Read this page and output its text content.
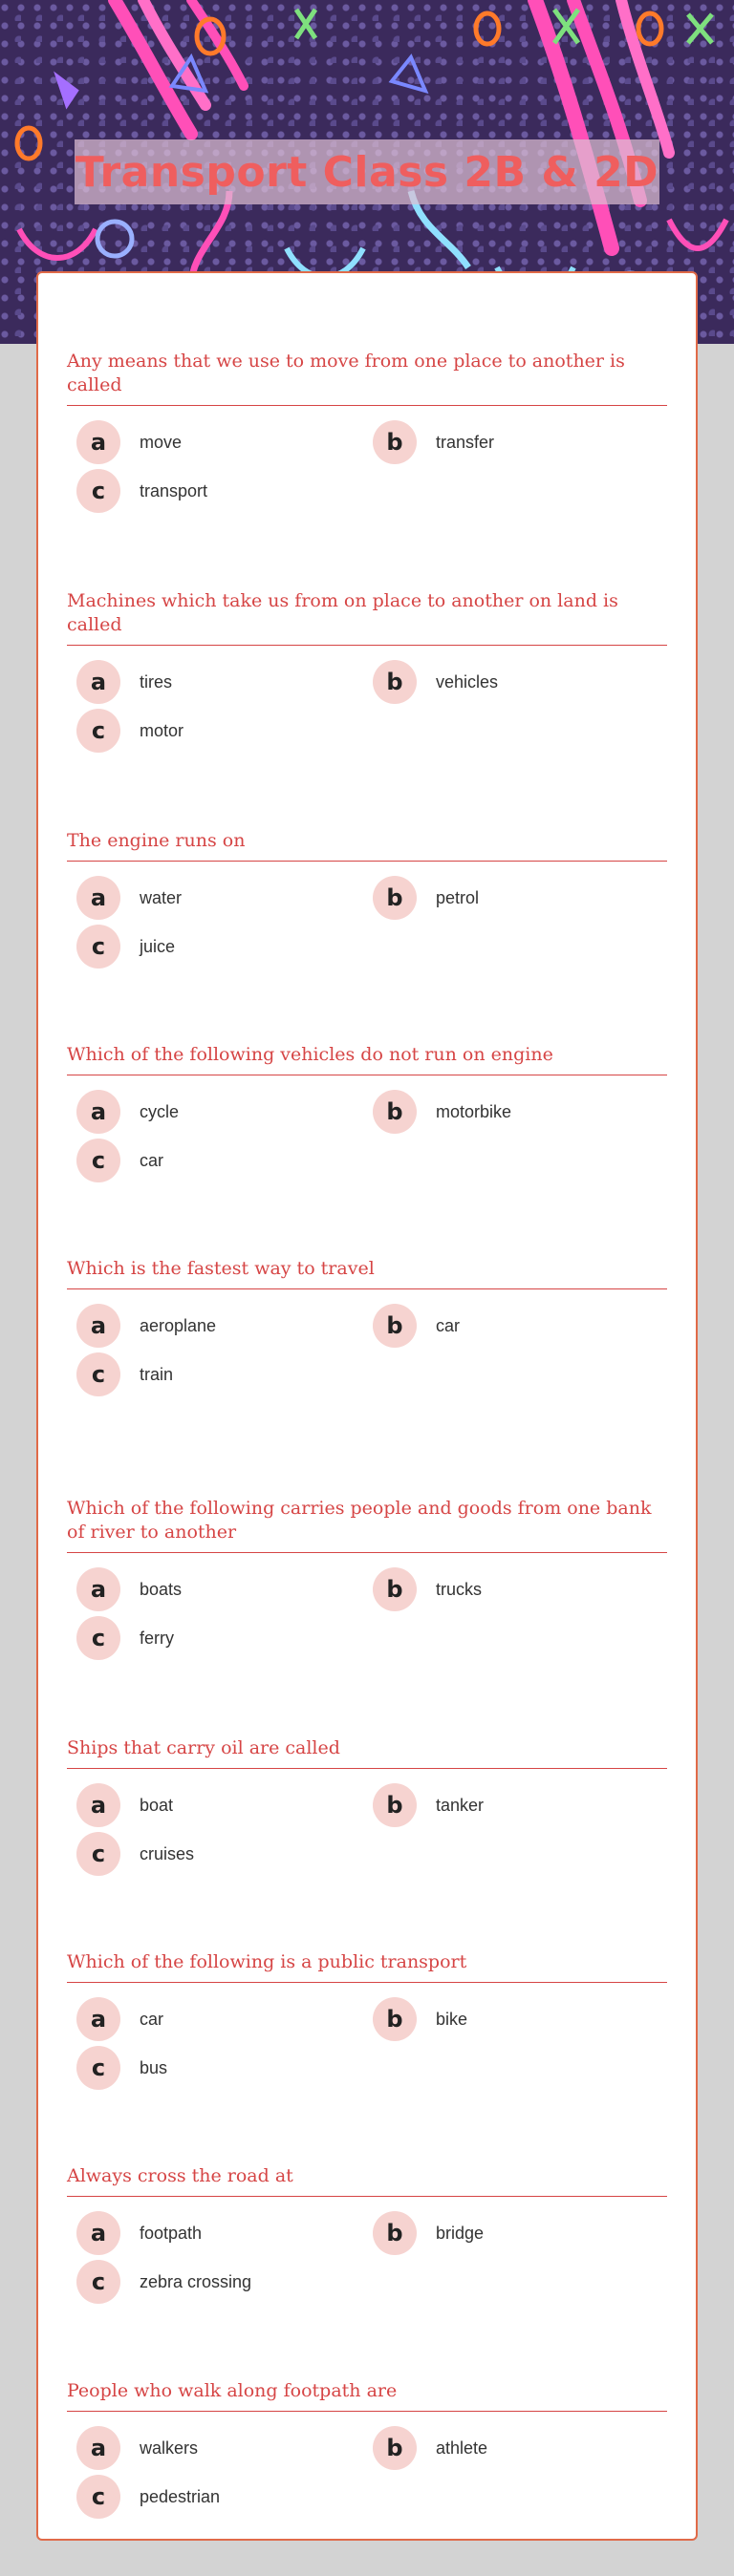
Transport Class 2B & 2D

Any means that we use to move from one place to another is called

a	move	b	transfer
c	transport

Machines which take us from on place to another on land is called

a	tires	b	vehicles
c	motor

The engine runs on

a	water	b	petrol
c	juice

Which of the following vehicles do not run on engine

a	cycle	b	motorbike
c	car

Which is the fastest way to travel

a	aeroplane	b	car
c	train

Which of the following carries people and goods from one bank of river to another

a	boats	b	trucks
c	ferry

Ships that carry oil are called

a	boat	b	tanker
c	cruises

Which of the following is a public transport

a	car	b	bike
c	bus

Always cross the road at

a	footpath	b	bridge
c	zebra crossing

People who walk along footpath are

a	walkers	b	athlete
c	pedestrian
